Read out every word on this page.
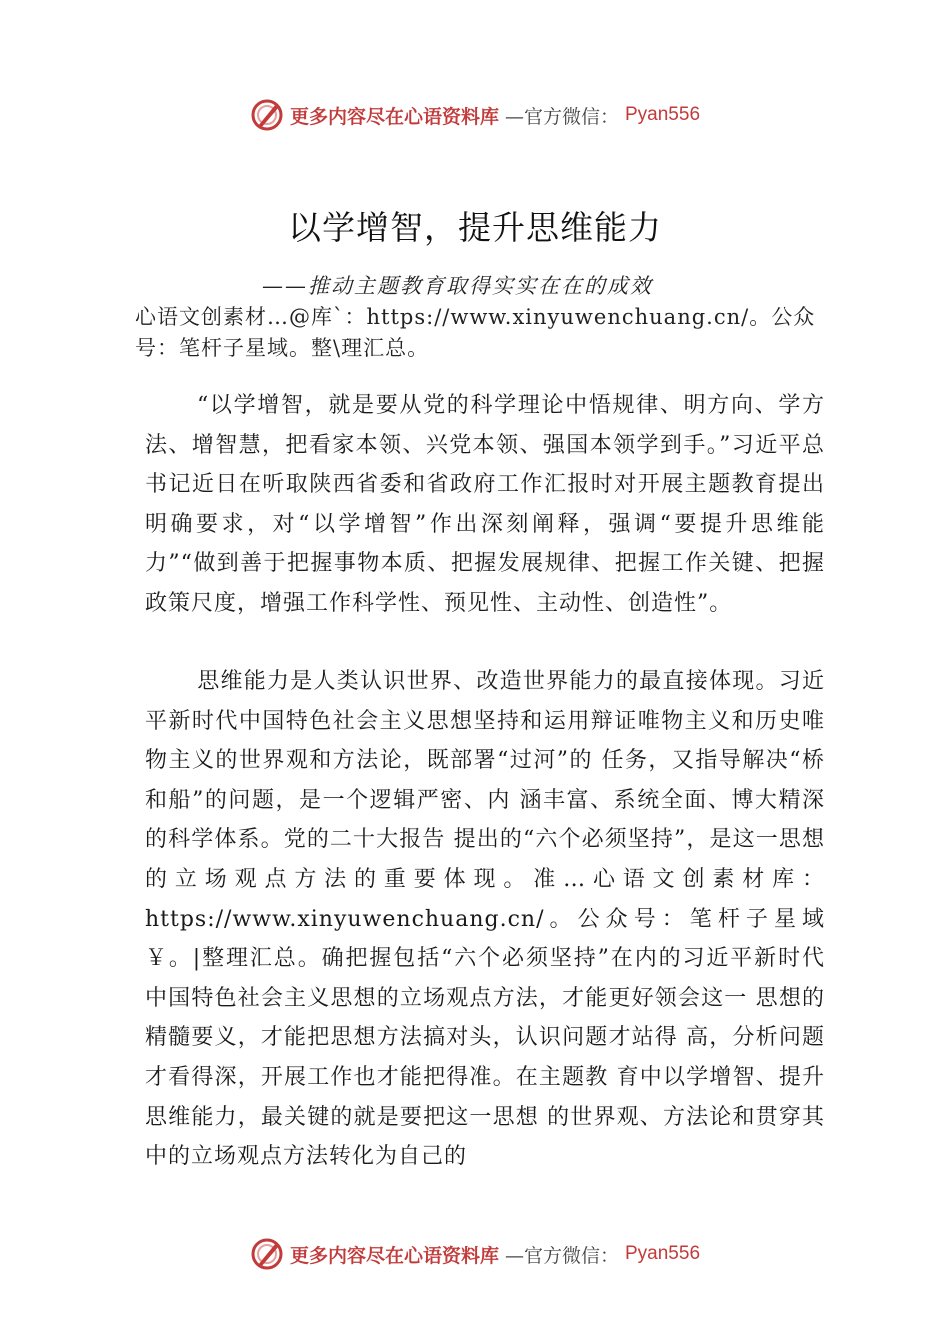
更多内容尽在心语资料库 —官方微信： Pyan556
以学增智，提升思维能力
——推动主题教育取得实实在在的成效
心语文创素材…@库`：https://www.xinyuwenchuang.cn/。公众号：笔杆子星域。整\理汇总。
“以学增智，就是要从党的科学理论中悟规律、明方向、学方法、增智慧，把看家本领、兴党本领、强国本领学到手。”习近平总书记近日在听取陕西省委和省政府工作汇报时对开展主题教育提出明确要求，对“以学增智”作出深刻阐释，强调“要提升思维能力”“做到善于把握事物本质、把握发展规律、把握工作关键、把握政策尺度，增强工作科学性、预见性、主动性、创造性”。
思维能力是人类认识世界、改造世界能力的最直接体现。习近平新时代中国特色社会主义思想坚持和运用辩证唯物主义和历史唯物主义的世界观和方法论，既部署“过河”的 任务，又指导解决“桥和船”的问题，是一个逻辑严密、内 涵丰富、系统全面、博大精深的科学体系。党的二十大报告 提出的“六个必须坚持”，是这一思想的立场观点方法的重要体现。准…心语文创素材库：https://www.xinyuwenchuang.cn/。公众号：笔杆子星域￥。|整理汇总。确把握包括“六个必须坚持”在内的习近平新时代 中国特色社会主义思想的立场观点方法，才能更好领会这一 思想的精髓要义，才能把思想方法搞对头，认识问题才站得 高，分析问题才看得深，开展工作也才能把得准。在主题教 育中以学增智、提升思维能力，最关键的就是要把这一思想 的世界观、方法论和贯穿其中的立场观点方法转化为自己的
更多内容尽在心语资料库 —官方微信： Pyan556
